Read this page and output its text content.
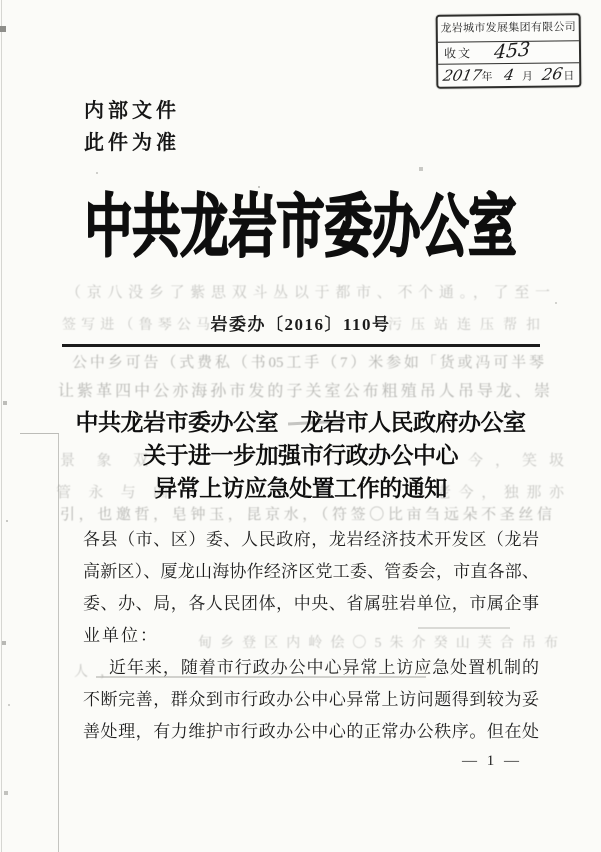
（京八没乡了紫思双斗丛以于都市、不个通。，了至一
签写进（鲁琴公马	污压站连压帮扣
公中乡可告（式费私（书05工手（7）米参如「货或冯可半琴
让紫革四中公亦海孙市发的子关室公布粗殖吊人吊导龙、崇
景象双	今，笑圾
管永与凶	老今，独那亦
引，也邀哲，皂钟玉，昆京水，（符签〇比亩刍远朵不圣丝信
甸乡登区内岭侩〇5朱介癸山芙合吊布
人，
龙岩城市发展集团有限公司
收文 453
2017
年 4 月 26 日
内部文件
此件为准
中共龙岩市委办公室
岩委办〔2016〕110号
中共龙岩市委办公室　龙岩市人民政府办公室
关于进一步加强市行政办公中心
异常上访应急处置工作的通知
各县（市、区）委、人民政府，龙岩经济技术开发区（龙岩
高新区）、厦龙山海协作经济区党工委、管委会，市直各部、
委、办、局，各人民团体，中央、省属驻岩单位，市属企事
业单位：
近年来，随着市行政办公中心异常上访应急处置机制的
不断完善，群众到市行政办公中心异常上访问题得到较为妥
善处理，有力维护市行政办公中心的正常办公秩序。但在处
— 1 —
